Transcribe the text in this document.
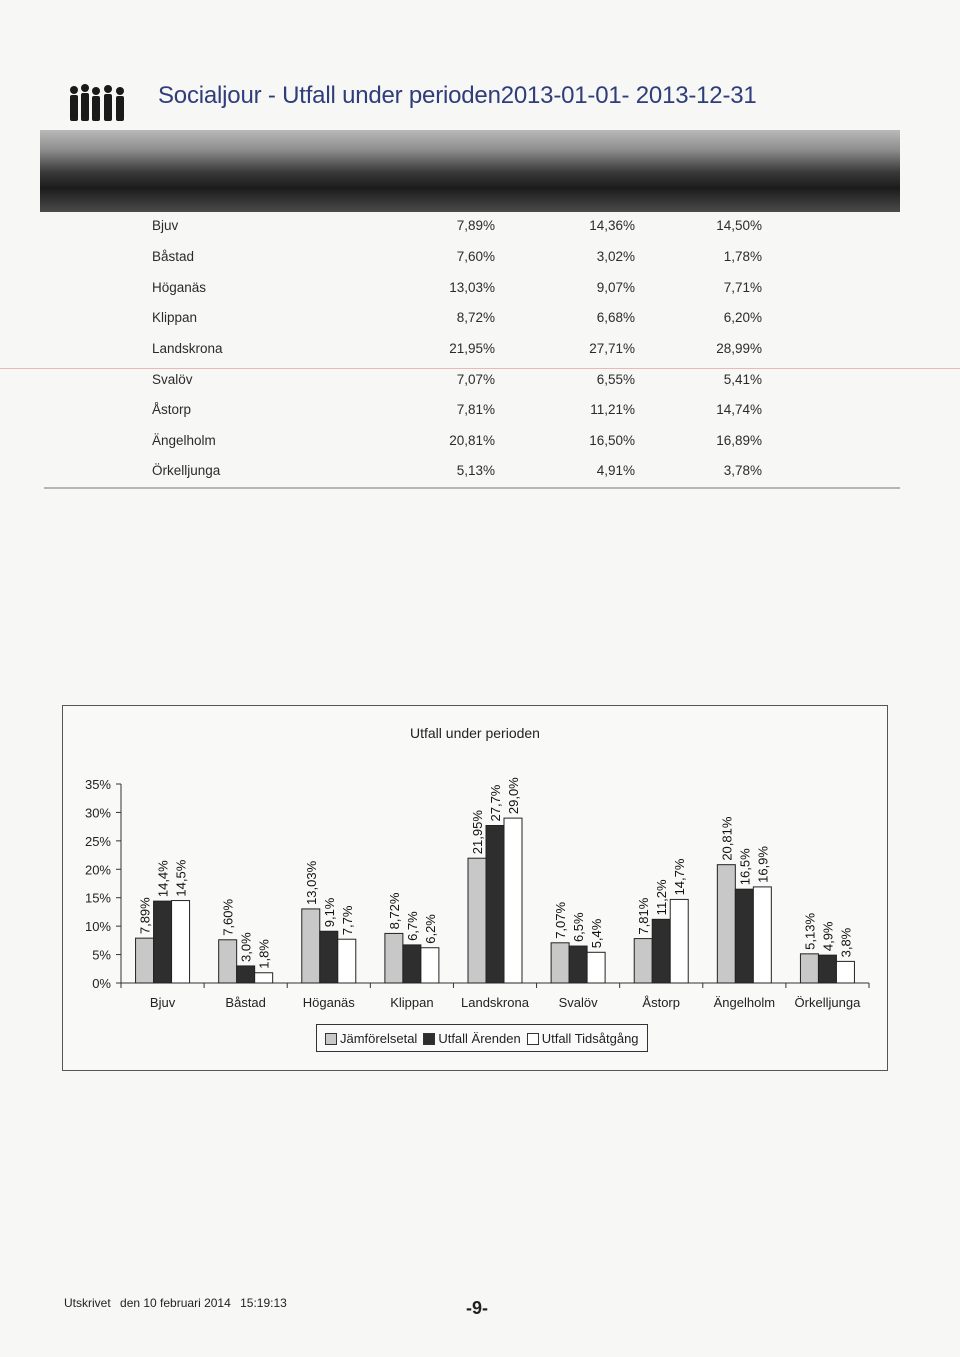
Socialjour - Utfall under perioden2013-01-01- 2013-12-31
Bjuv	7,89%	14,36%	14,50%
Båstad	7,60%	3,02%	1,78%
Höganäs	13,03%	9,07%	7,71%
Klippan	8,72%	6,68%	6,20%
Landskrona	21,95%	27,71%	28,99%
Svalöv	7,07%	6,55%	5,41%
Åstorp	7,81%	11,21%	14,74%
Ängelholm	20,81%	16,50%	16,89%
Örkelljunga	5,13%	4,91%	3,78%
Utfall under perioden
0%
5%
10%
15%
20%
25%
30%
35%
7,89%
14,4% 14,5%
Bjuv
7,60%
3,0% 1,8%
Båstad
13,03%
9,1% 7,7%
Höganäs
8,72% 6,7% 6,2%
Klippan
21,95%
27,7% 29,0%
Landskrona
7,07% 6,5% 5,4%
Svalöv
7,81%
11,2%
14,7%
Åstorp
20,81%
16,5% 16,9%
Ängelholm
5,13% 4,9% 3,8%
Örkelljunga
Jämförelsetal	Utfall Ärenden	Utfall Tidsåtgång
Utskrivet den 10 februari 2014 15:19:13	-9-
